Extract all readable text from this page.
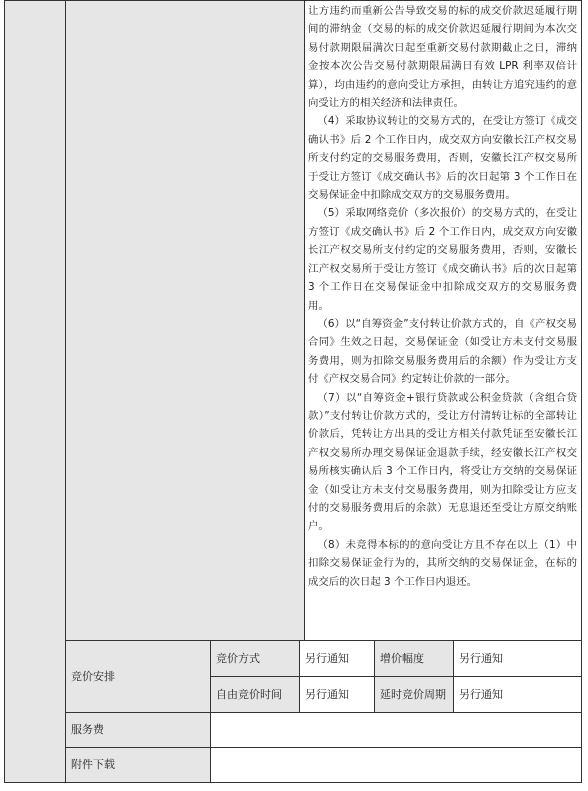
让方违约而重新公告导致交易的标的成交价款迟延履行期间的滞纳金（交易的标的成交价款迟延履行期间为本次交易付款期限届满次日起至重新交易付款期截止之日，滞纳金按本次公告交易付款期限届满日有效 LPR 利率双倍计算），均由违约的意向受让方承担，由转让方追究违约的意向受让方的相关经济和法律责任。

（4）采取协议转让的交易方式的，在受让方签订《成交确认书》后 2 个工作日内，成交双方向安徽长江产权交易所支付约定的交易服务费用，否则，安徽长江产权交易所于受让方签订《成交确认书》后的次日起第 3 个工作日在交易保证金中扣除成交双方的交易服务费用。

（5）采取网络竞价（多次报价）的交易方式的，在受让方签订《成交确认书》后 2 个工作日内，成交双方向安徽长江产权交易所支付约定的交易服务费用，否则，安徽长江产权交易所于受让方签订《成交确认书》后的次日起第 3 个工作日在交易保证金中扣除成交双方的交易服务费用。

（6）以“自筹资金”支付转让价款方式的，自《产权交易合同》生效之日起，交易保证金（如受让方未支付交易服务费用，则为扣除交易服务费用后的余额）作为受让方支付《产权交易合同》约定转让价款的一部分。

（7）以“自筹资金+银行贷款或公积金贷款（含组合贷款）”支付转让价款方式的，受让方付清转让标的全部转让价款后，凭转让方出具的受让方相关付款凭证至安徽长江产权交易所办理交易保证金退款手续，经安徽长江产权交易所核实确认后 3 个工作日内，将受让方交纳的交易保证金（如受让方未支付交易服务费用，则为扣除受让方应支付的交易服务费用后的余款）无息退还至受让方原交纳账户。

（8）未竞得本标的的意向受让方且不存在以上（1）中扣除交易保证金行为的，其所交纳的交易保证金，在标的成交后的次日起 3 个工作日内退还。

竞价安排
竞价方式	另行通知	增价幅度	另行通知
自由竞价时间 另行通知	延时竞价周期 另行通知
服务费
附件下载
